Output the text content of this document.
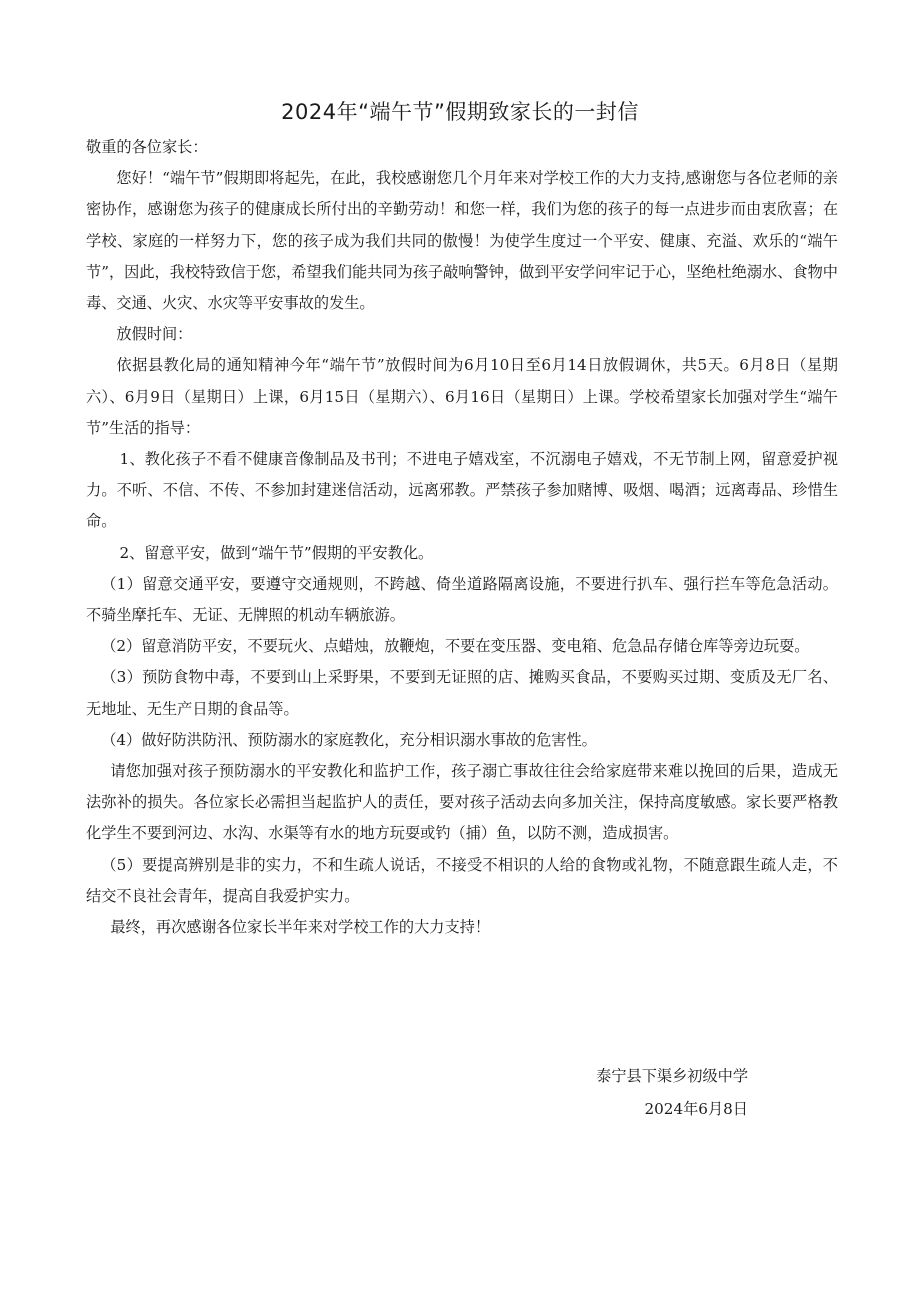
2024年“端午节”假期致家长的一封信

敬重的各位家长：

您好！“端午节”假期即将起先，在此，我校感谢您几个月年来对学校工作的大力支持,感谢您与各位老师的亲密协作，感谢您为孩子的健康成长所付出的辛勤劳动！和您一样，我们为您的孩子的每一点进步而由衷欣喜；在学校、家庭的一样努力下，您的孩子成为我们共同的傲慢！为使学生度过一个平安、健康、充溢、欢乐的“端午节”，因此，我校特致信于您，希望我们能共同为孩子敲响警钟，做到平安学问牢记于心，坚绝杜绝溺水、食物中毒、交通、火灾、水灾等平安事故的发生。

放假时间：

依据县教化局的通知精神今年“端午节”放假时间为6月10日至6月14日放假调休，共5天。6月8日（星期六）、6月9日（星期日）上课，6月15日（星期六）、6月16日（星期日）上课。学校希望家长加强对学生“端午节”生活的指导：

1、教化孩子不看不健康音像制品及书刊；不进电子嬉戏室，不沉溺电子嬉戏，不无节制上网，留意爱护视力。不听、不信、不传、不参加封建迷信活动，远离邪教。严禁孩子参加赌博、吸烟、喝酒；远离毒品、珍惜生命。

2、留意平安，做到“端午节”假期的平安教化。

（1）留意交通平安，要遵守交通规则，不跨越、倚坐道路隔离设施，不要进行扒车、强行拦车等危急活动。不骑坐摩托车、无证、无牌照的机动车辆旅游。

（2）留意消防平安，不要玩火、点蜡烛，放鞭炮，不要在变压器、变电箱、危急品存储仓库等旁边玩耍。

（3）预防食物中毒，不要到山上采野果，不要到无证照的店、摊购买食品，不要购买过期、变质及无厂名、无地址、无生产日期的食品等。

（4）做好防洪防汛、预防溺水的家庭教化，充分相识溺水事故的危害性。

请您加强对孩子预防溺水的平安教化和监护工作，孩子溺亡事故往往会给家庭带来难以挽回的后果，造成无法弥补的损失。各位家长必需担当起监护人的责任，要对孩子活动去向多加关注，保持高度敏感。家长要严格教化学生不要到河边、水沟、水渠等有水的地方玩耍或钓（捕）鱼，以防不测，造成损害。

（5）要提高辨别是非的实力，不和生疏人说话，不接受不相识的人给的食物或礼物，不随意跟生疏人走，不结交不良社会青年，提高自我爱护实力。

最终，再次感谢各位家长半年来对学校工作的大力支持！

泰宁县下渠乡初级中学
2024年6月8日
